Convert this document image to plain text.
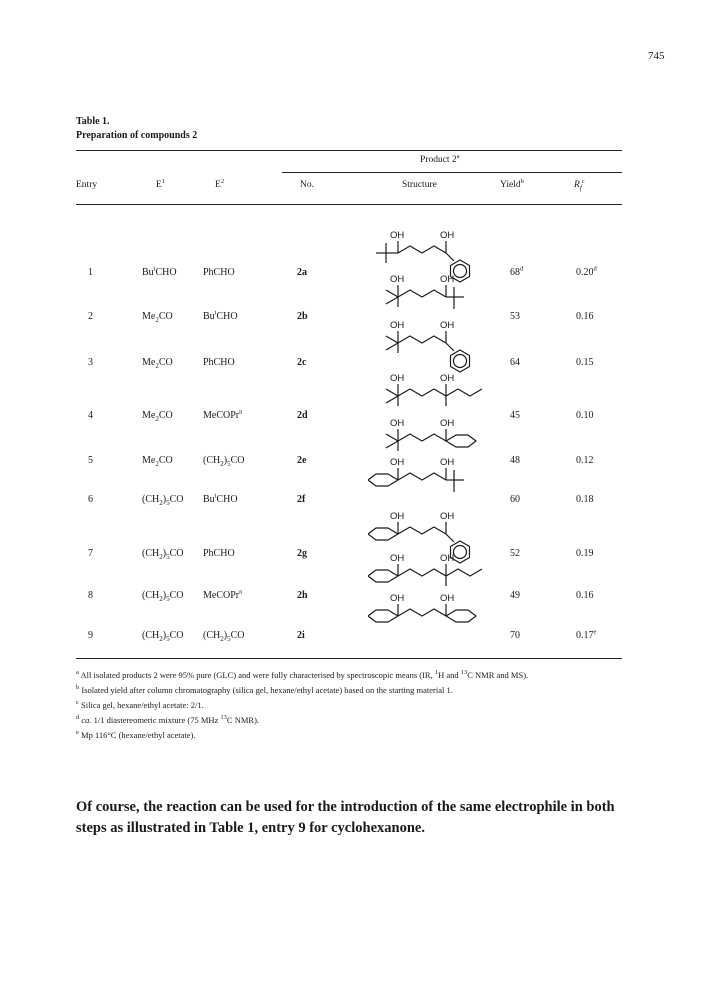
745
Table 1.
Preparation of compounds 2
Product 2$^a$
Entry	$E^1$	$E^2$	No.	Structure	Yield$^b$	$R_f^c$
1	Bu$^t$CHO	PhCHO	2a	68$^d$	0.20$^d$
OH	OH
2	$Me_2CO$	Bu$^t$CHO	2b	53	0.16
OH	OH
3	$Me_2CO$	PhCHO	2c	64	0.15
OH	OH
4	$Me_2CO$	MeCOPr$^n$	2d	45	0.10
OH	OH
5	$Me_2CO$	$(CH_2)_5CO$	2e	48	0.12
OH	OH
6	$(CH_2)_5CO$ Bu$^t$CHO	2f	60	0.18
OH	OH
7	$(CH_2)_5CO$ PhCHO	2g	52	0.19
OH	OH
8	$(CH_2)_5CO$ MeCOPr$^n$	2h	49	0.16
OH	OH
9	$(CH_2)_5CO$ $(CH_2)_5CO$	2i	70	0.17e
OH	OH
$^a$ All isolated products 2 were 95% pure (GLC) and were fully characterised by spectroscopic means (IR, $^1$H and $^{13}$C NMR and MS).
$^b$ Isolated yield after column chromatography (silica gel, hexane/ethyl acetate) based on the starting material 1.
$^c$ Silica gel, hexane/ethyl acetate: 2/1.
$^d$ ca. 1/1 diastereomeric mixture (75 MHz $^{13}$C NMR).
$^e$ Mp 116°C (hexane/ethyl acetate).
Of course, the reaction can be used for the introduction of the same electrophile in both steps as illustrated in Table 1, entry 9 for cyclohexanone.
